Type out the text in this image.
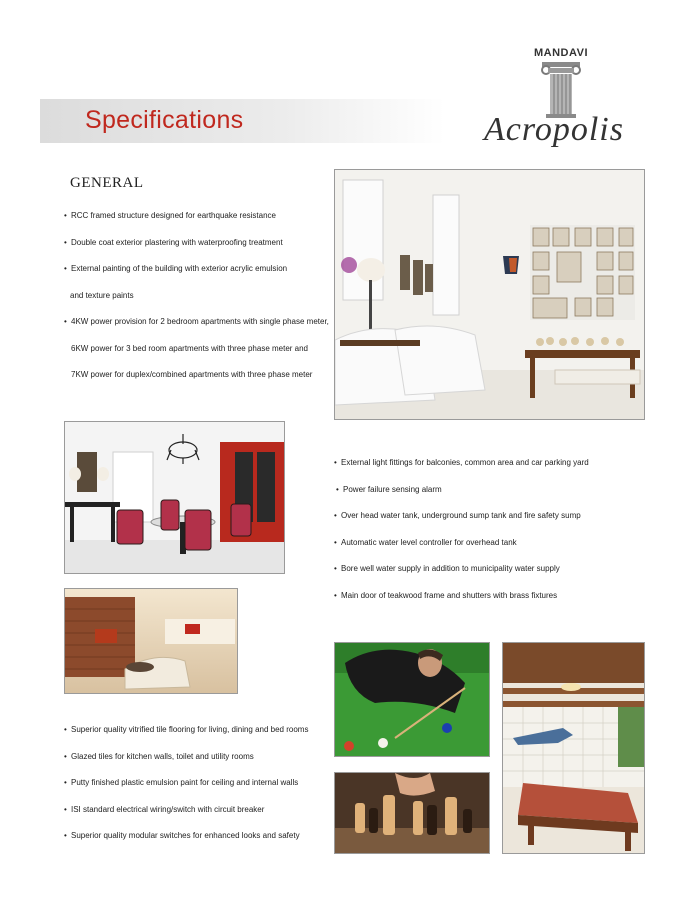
Specifications
MANDAVI
Acropolis
GENERAL
• RCC framed structure designed for earthquake resistance
• Double coat exterior plastering with waterproofing treatment
• External painting of the building with exterior acrylic emulsion
and texture paints
• 4KW power provision for 2 bedroom apartments with single phase meter,
6KW power for 3 bed room apartments with three phase meter and
7KW power for duplex/combined apartments with three phase meter
• External light fittings for balconies, common area and car parking yard
• Power failure sensing alarm
• Over head water tank, underground sump tank and fire safety sump
• Automatic water level controller for overhead tank
• Bore well water supply in addition to municipality water supply
• Main door of teakwood frame and shutters with brass fixtures
• Superior quality vitrified tile flooring for living, dining and bed rooms
• Glazed tiles for kitchen walls, toilet and utility rooms
• Putty finished plastic emulsion paint for ceiling and internal walls
• ISI standard electrical wiring/switch with circuit breaker
• Superior quality modular switches for enhanced looks and safety
